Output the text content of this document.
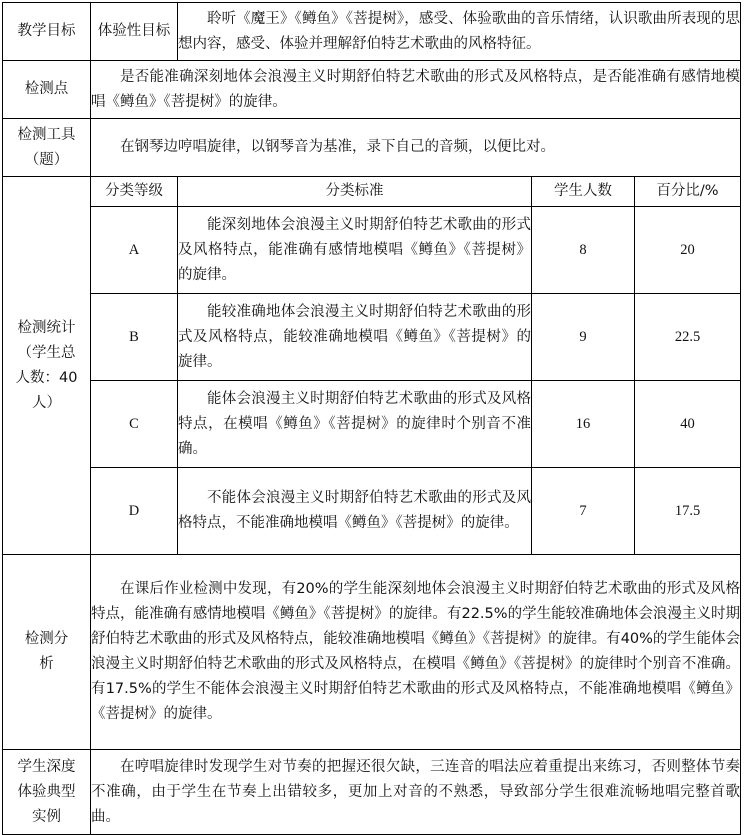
教学目标	体验性目标	聆听《魔王》《鳟鱼》《菩提树》，感受、体验歌曲的音乐情绪，认识歌曲所表现的思想内容，感受、体验并理解舒伯特艺术歌曲的风格特征。		
检测点	是否能准确深刻地体会浪漫主义时期舒伯特艺术歌曲的形式及风格特点，是否能准确有感情地模唱《鳟鱼》《菩提树》的旋律。			
检测工具（题）	在钢琴边哼唱旋律，以钢琴音为基准，录下自己的音频，以便比对。			
检测统计（学生总人数：40人）	分类等级	分类标准	学生人数	百分比/%
	A	能深刻地体会浪漫主义时期舒伯特艺术歌曲的形式及风格特点，能准确有感情地模唱《鳟鱼》《菩提树》的旋律。	8	20
	B	能较准确地体会浪漫主义时期舒伯特艺术歌曲的形式及风格特点，能较准确地模唱《鳟鱼》《菩提树》的旋律。	9	22.5
	C	能体会浪漫主义时期舒伯特艺术歌曲的形式及风格特点，在模唱《鳟鱼》《菩提树》的旋律时个别音不准确。	16	40
	D	不能体会浪漫主义时期舒伯特艺术歌曲的形式及风格特点，不能准确地模唱《鳟鱼》《菩提树》的旋律。	7	17.5
检测分析	在课后作业检测中发现，有20%的学生能深刻地体会浪漫主义时期舒伯特艺术歌曲的形式及风格特点，能准确有感情地模唱《鳟鱼》《菩提树》的旋律。有22.5%的学生能较准确地体会浪漫主义时期舒伯特艺术歌曲的形式及风格特点，能较准确地模唱《鳟鱼》《菩提树》的旋律。有40%的学生能体会浪漫主义时期舒伯特艺术歌曲的形式及风格特点，在模唱《鳟鱼》《菩提树》的旋律时个别音不准确。有17.5%的学生不能体会浪漫主义时期舒伯特艺术歌曲的形式及风格特点，不能准确地模唱《鳟鱼》《菩提树》的旋律。			
学生深度体验典型实例	在哼唱旋律时发现学生对节奏的把握还很欠缺，三连音的唱法应着重提出来练习，否则整体节奏不准确，由于学生在节奏上出错较多，更加上对音的不熟悉，导致部分学生很难流畅地唱完整首歌曲。			
